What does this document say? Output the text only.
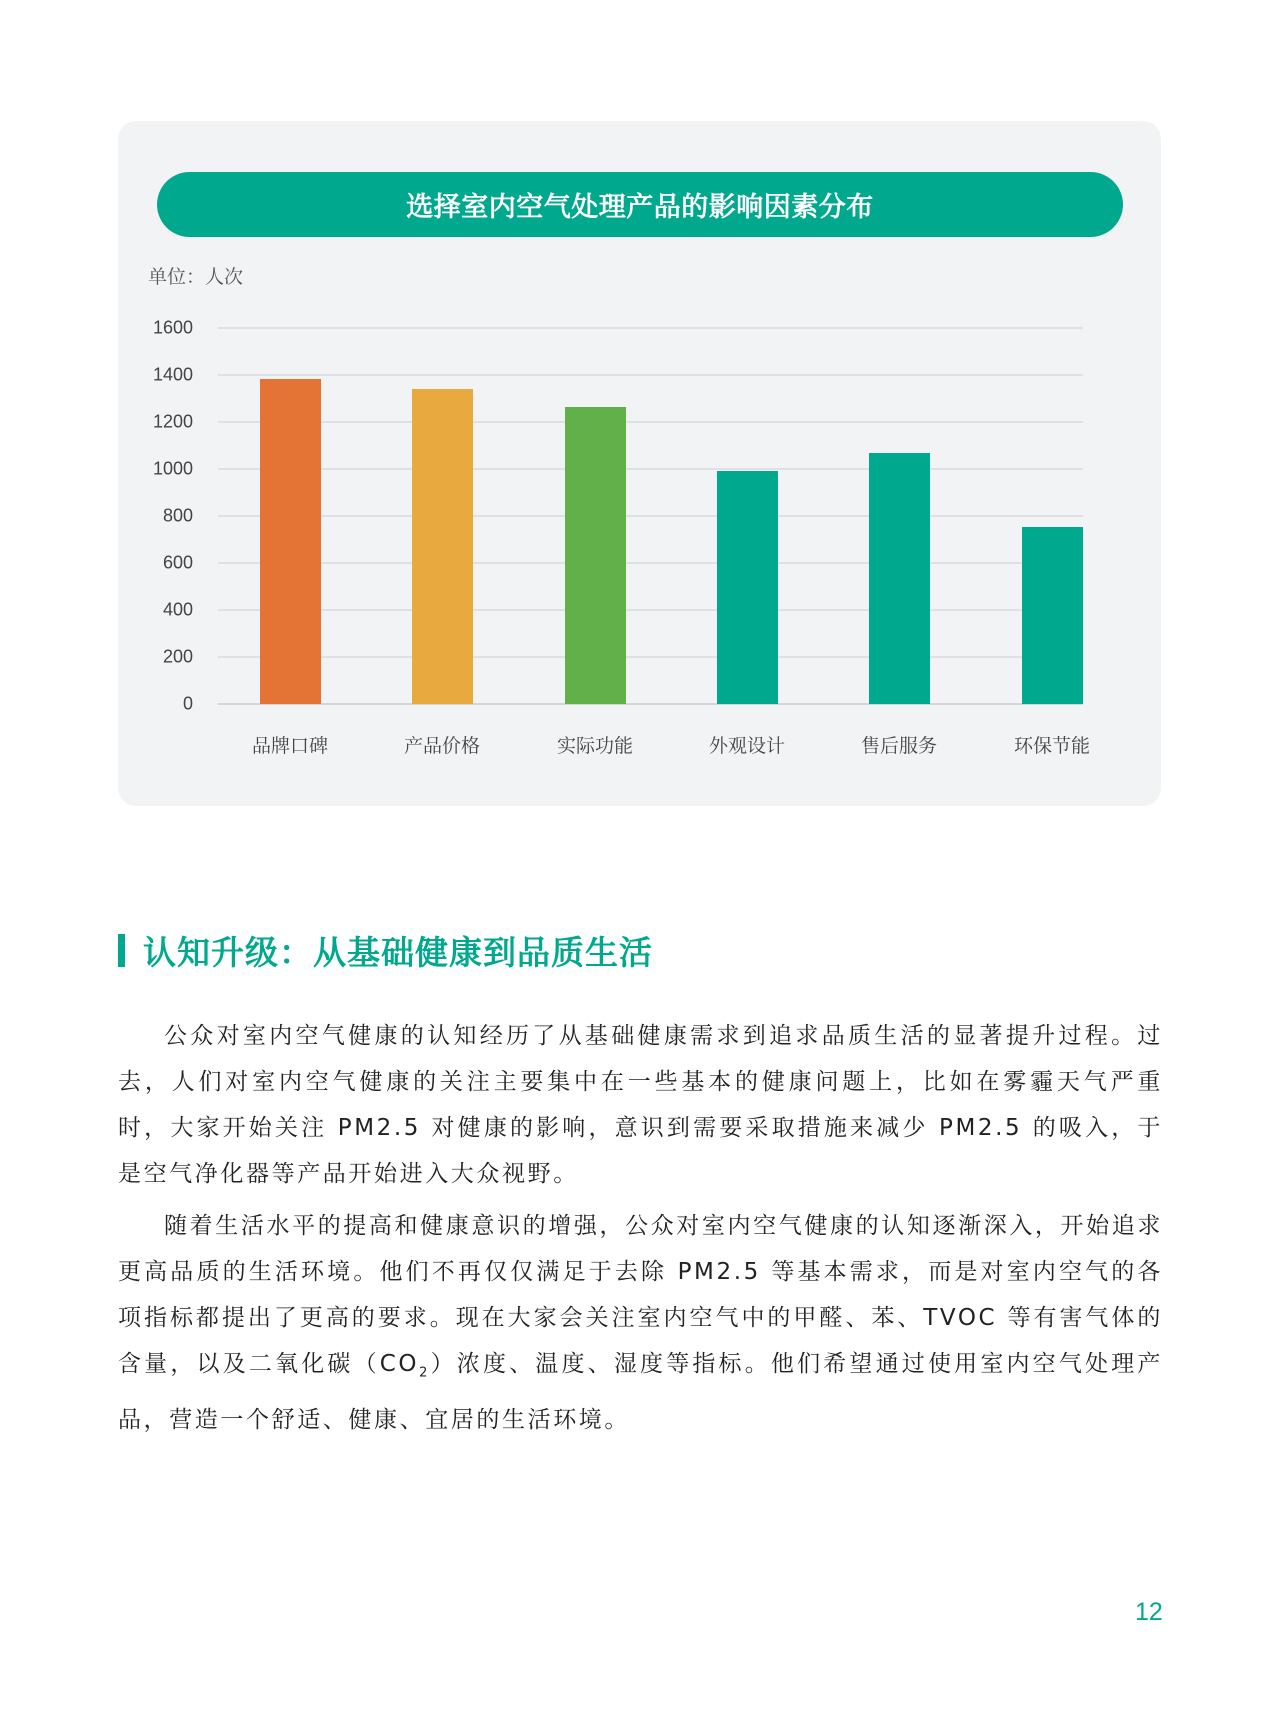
选择室内空气处理产品的影响因素分布
单位：人次
0
200
400
600
800
1000
1200
1400
1600
品牌口碑	产品价格	实际功能	外观设计	售后服务	环保节能
认知升级：从基础健康到品质生活

公众对室内空气健康的认知经历了从基础健康需求到追求品质生活的显著提升过程。过去，人们对室内空气健康的关注主要集中在一些基本的健康问题上，比如在雾霾天气严重时，大家开始关注 PM2.5 对健康的影响，意识到需要采取措施来减少 PM2.5 的吸入，于是空气净化器等产品开始进入大众视野。

随着生活水平的提高和健康意识的增强，公众对室内空气健康的认知逐渐深入，开始追求更高品质的生活环境。他们不再仅仅满足于去除 PM2.5 等基本需求，而是对室内空气的各项指标都提出了更高的要求。现在大家会关注室内空气中的甲醛、苯、TVOC 等有害气体的含量，以及二氧化碳$(CO_2)$浓度、温度、湿度等指标。他们希望通过使用室内空气处理产品，营造一个舒适、健康、宜居的生活环境。

12
